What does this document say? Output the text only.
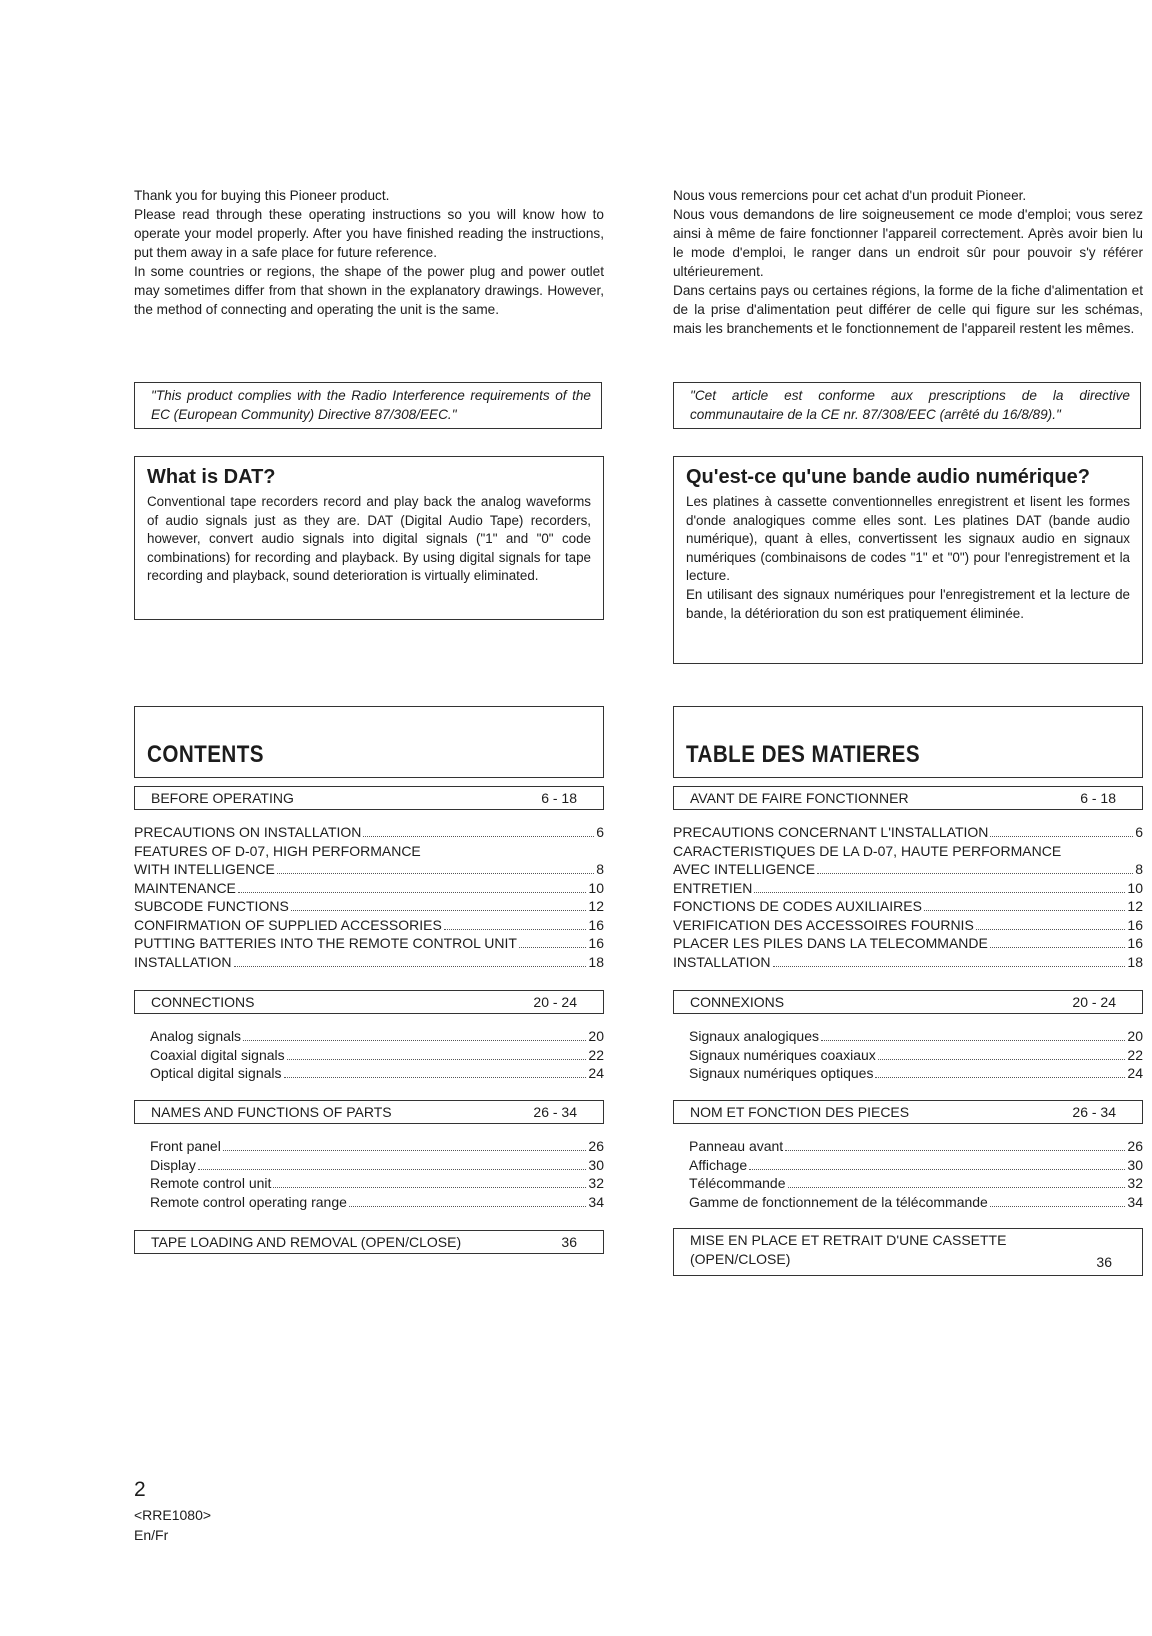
Thank you for buying this Pioneer product.

Please read through these operating instructions so you will know how to operate your model properly. After you have finished reading the instructions, put them away in a safe place for future reference.

In some countries or regions, the shape of the power plug and power outlet may sometimes differ from that shown in the explanatory drawings. However, the method of connecting and operating the unit is the same.

"This product complies with the Radio Interference requirements of the EC (European Community) Directive 87/308/EEC."
What is DAT?

Conventional tape recorders record and play back the analog waveforms of audio signals just as they are. DAT (Digital Audio Tape) recorders, however, convert audio signals into digital signals ("1" and "0" code combinations) for recording and playback. By using digital signals for tape recording and playback, sound deterioration is virtually eliminated.

CONTENTS
BEFORE OPERATING	6 - 18
PRECAUTIONS ON INSTALLATION	6
FEATURES OF D-07, HIGH PERFORMANCE
WITH INTELLIGENCE	8
MAINTENANCE	10
SUBCODE FUNCTIONS	12
CONFIRMATION OF SUPPLIED ACCESSORIES	16
PUTTING BATTERIES INTO THE REMOTE CONTROL UNIT	16
INSTALLATION	18
CONNECTIONS	20 - 24
Analog signals	20
Coaxial digital signals	22
Optical digital signals	24
NAMES AND FUNCTIONS OF PARTS	26 - 34
Front panel	26
Display	30
Remote control unit	32
Remote control operating range	34
TAPE LOADING AND REMOVAL (OPEN/CLOSE)	36

Nous vous remercions pour cet achat d'un produit Pioneer.

Nous vous demandons de lire soigneusement ce mode d'emploi; vous serez ainsi à même de faire fonctionner l'appareil correctement. Après avoir bien lu le mode d'emploi, le ranger dans un endroit sûr pour pouvoir s'y référer ultérieurement.

Dans certains pays ou certaines régions, la forme de la fiche d'alimentation et de la prise d'alimentation peut différer de celle qui figure sur les schémas, mais les branchements et le fonctionnement de l'appareil restent les mêmes.

"Cet article est conforme aux prescriptions de la directive communautaire de la CE nr. 87/308/EEC (arrêté du 16/8/89)."
Qu'est-ce qu'une bande audio numérique?

Les platines à cassette conventionnelles enregistrent et lisent les formes d'onde analogiques comme elles sont. Les platines DAT (bande audio numérique), quant à elles, convertissent les signaux audio en signaux numériques (combinaisons de codes "1" et "0") pour l'enregistrement et la lecture.

En utilisant des signaux numériques pour l'enregistrement et la lecture de bande, la détérioration du son est pratiquement éliminée.

TABLE DES MATIERES
AVANT DE FAIRE FONCTIONNER	6 - 18
PRECAUTIONS CONCERNANT L'INSTALLATION	6
CARACTERISTIQUES DE LA D-07, HAUTE PERFORMANCE
AVEC INTELLIGENCE	8
ENTRETIEN	10
FONCTIONS DE CODES AUXILIAIRES	12
VERIFICATION DES ACCESSOIRES FOURNIS	16
PLACER LES PILES DANS LA TELECOMMANDE	16
INSTALLATION	18
CONNEXIONS	20 - 24
Signaux analogiques	20
Signaux numériques coaxiaux	22
Signaux numériques optiques	24
NOM ET FONCTION DES PIECES	26 - 34
Panneau avant	26
Affichage	30
Télécommande	32
Gamme de fonctionnement de la télécommande	34
MISE EN PLACE ET RETRAIT D'UNE CASSETTE
(OPEN/CLOSE)	36
2
<RRE1080>
En/Fr
